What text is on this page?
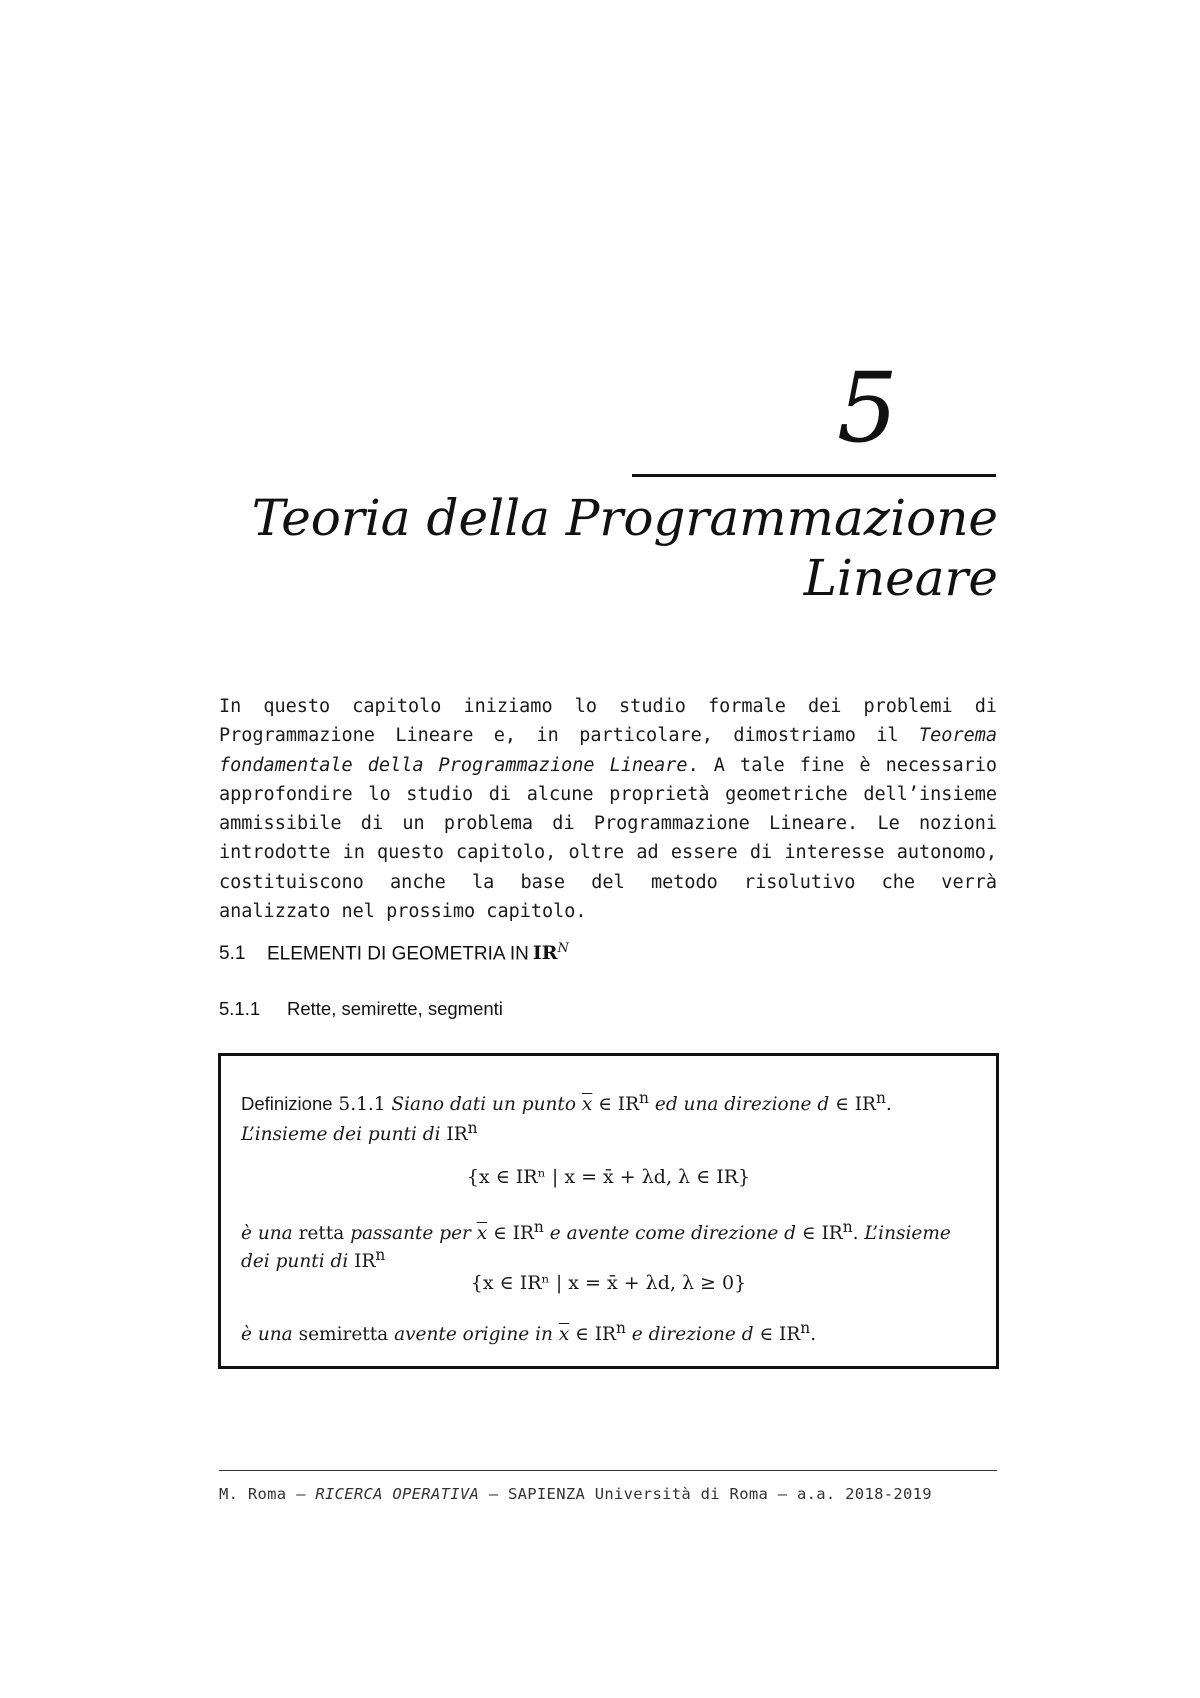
5
Teoria della Programmazione
Lineare
In questo capitolo iniziamo lo studio formale dei problemi di Programmazione Lineare e, in particolare, dimostriamo il Teorema fondamentale della Programmazione Lineare. A tale fine è necessario approfondire lo studio di alcune proprietà geometriche dell’insieme ammissibile di un problema di Programmazione Lineare. Le nozioni introdotte in questo capitolo, oltre ad essere di interesse autonomo, costituiscono anche la base del metodo risolutivo che verrà analizzato nel prossimo capitolo.
5.1 ELEMENTI DI GEOMETRIA IN $IR^N$
5.1.1 Rette, semirette, segmenti
Definizione 5.1.1 Siano dati un punto $\overline{x}$ ∈ $IR^n$ ed una direzione d ∈ $IR^n$.
L’insieme dei punti di $IR^n$
{x ∈ IRⁿ | x = x̄ + λd, λ ∈ IR}
è una retta passante per $\overline{x}$ ∈ $IR^n$ e avente come direzione d ∈ $IR^n$. L’insieme
dei punti di $IR^n$
{x ∈ IRⁿ | x = x̄ + λd, λ ≥ 0}
è una semiretta avente origine in $\overline{x}$ ∈ $IR^n$ e direzione d ∈ $IR^n$.
M. Roma – RICERCA OPERATIVA – SAPIENZA Università di Roma – a.a. 2018-2019
